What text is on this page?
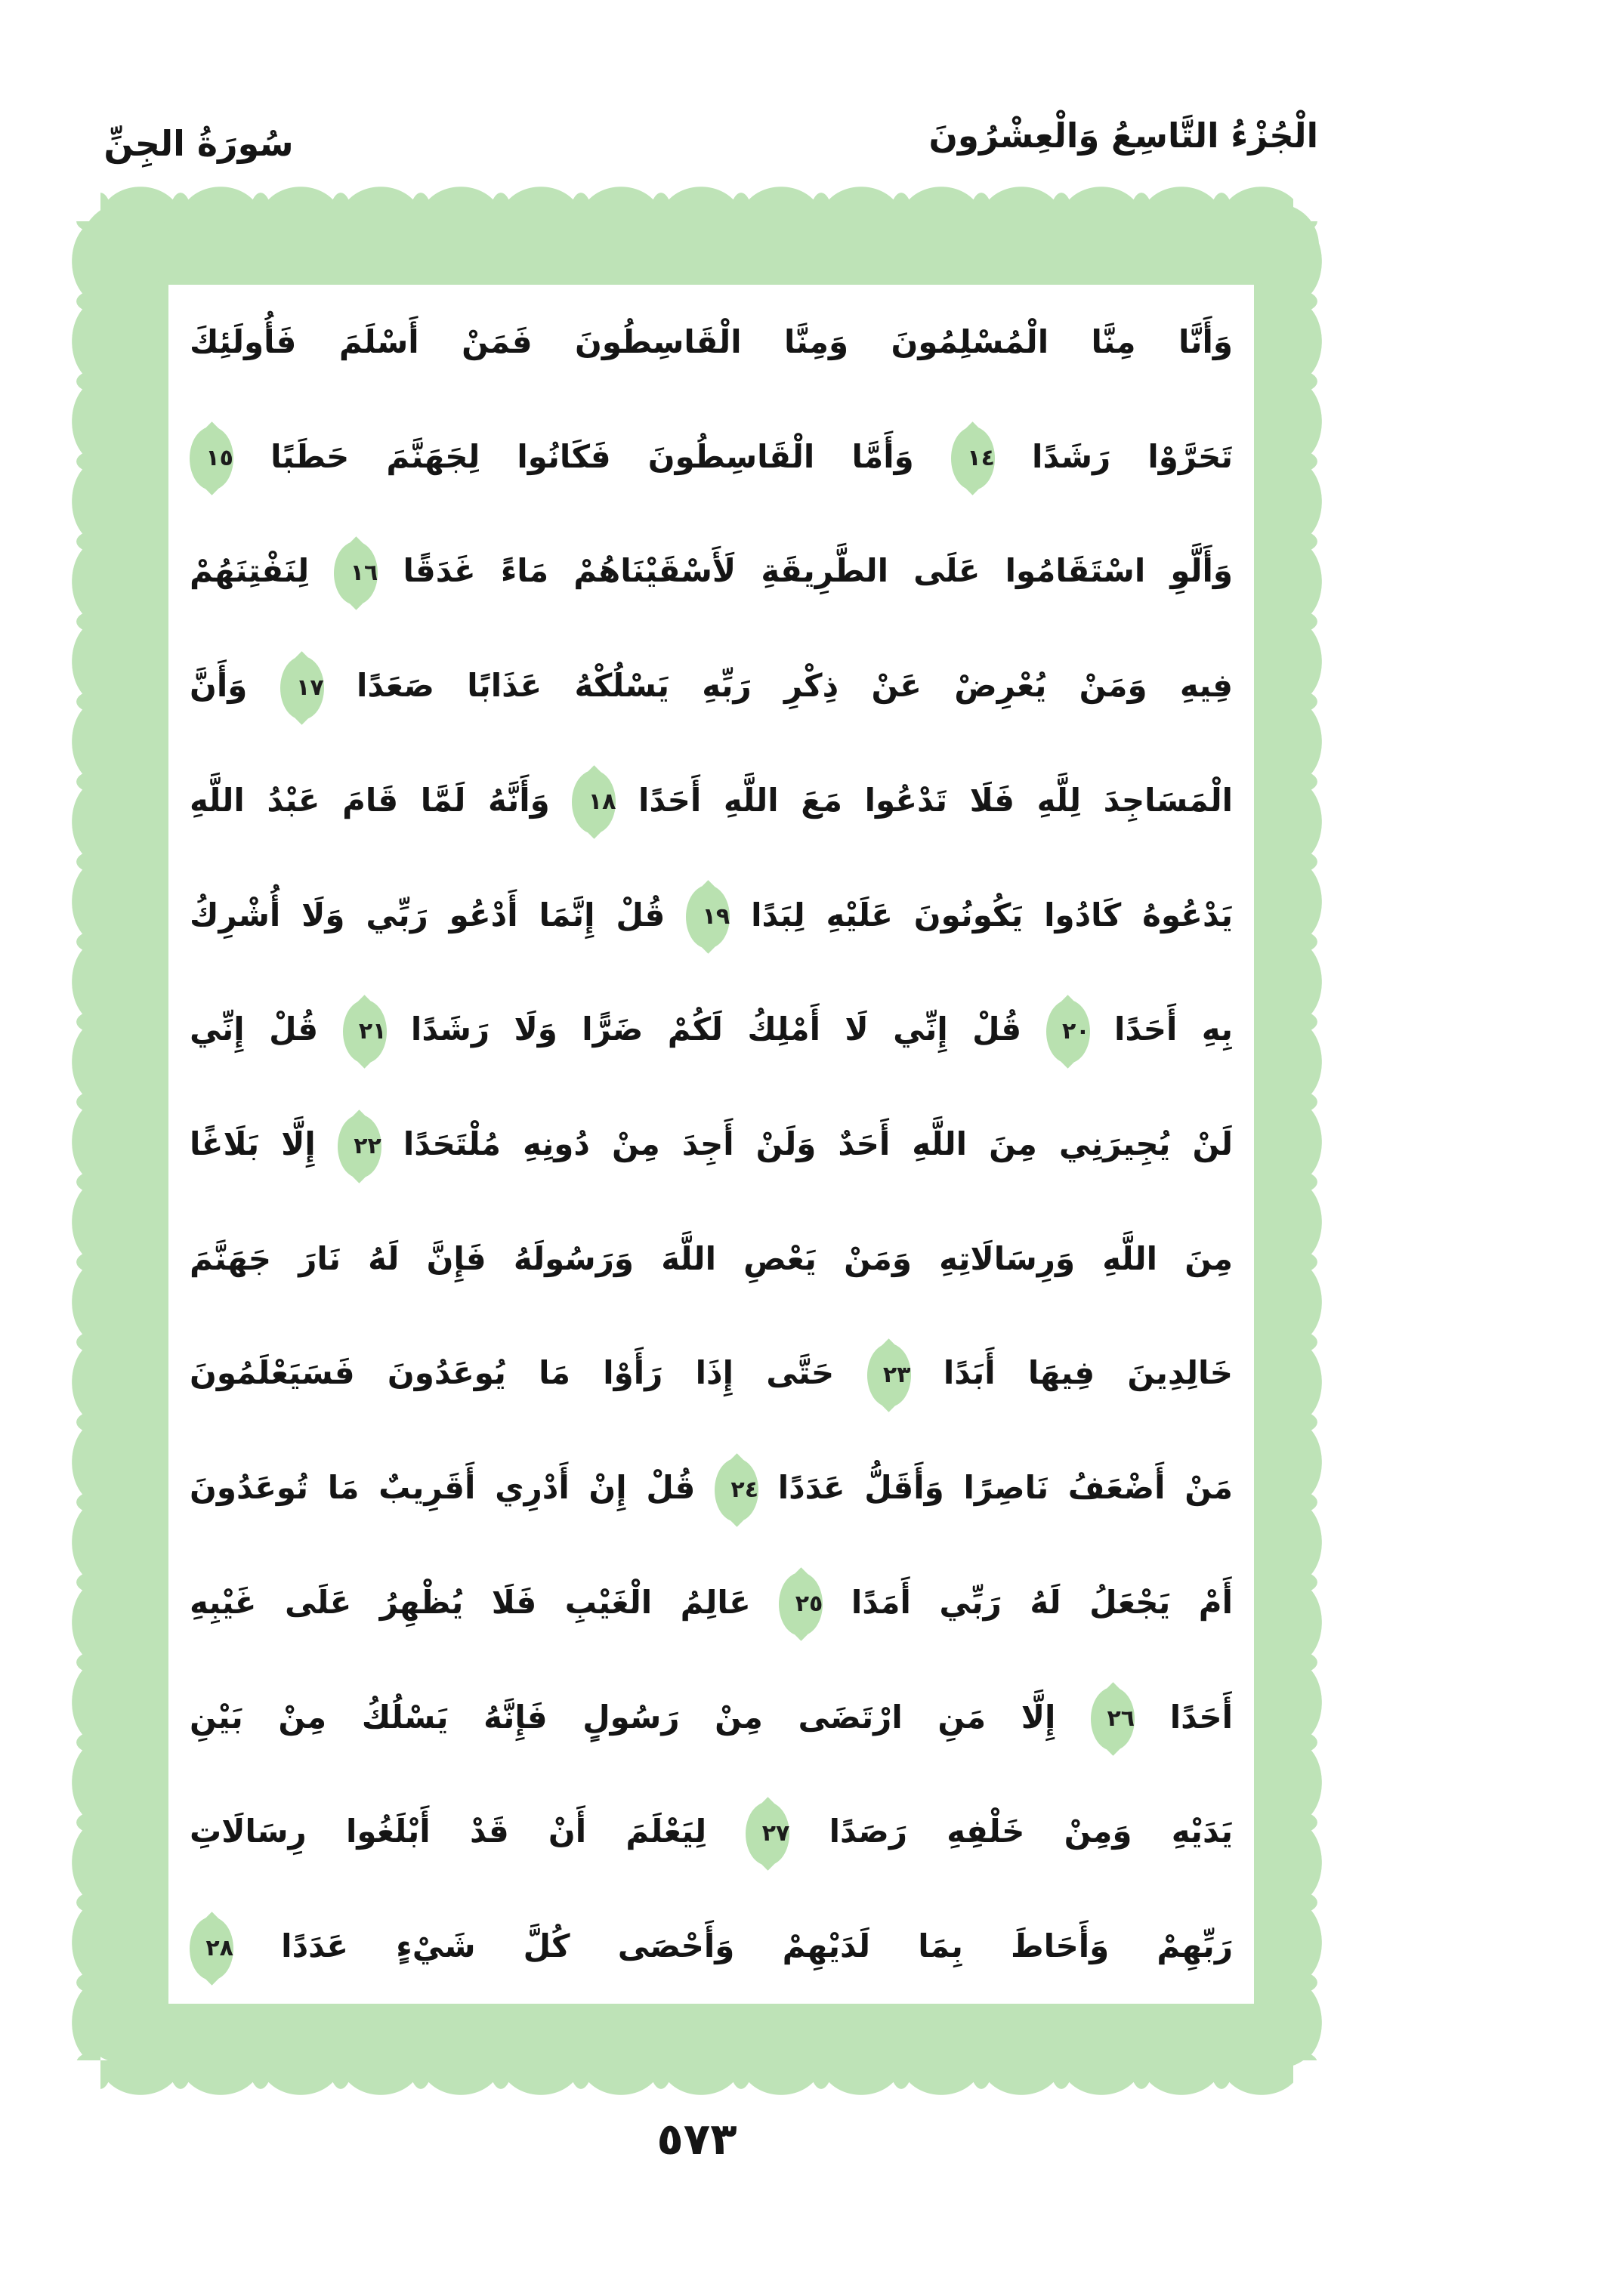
سُورَةُ الجِنِّ	الْجُزْءُ التَّاسِعُ وَالْعِشْرُونَ
وَأَنَّا مِنَّا الْمُسْلِمُونَ وَمِنَّا الْقَاسِطُونَ فَمَنْ أَسْلَمَ فَأُولَئِكَ
تَحَرَّوْا رَشَدًا ١٤ وَأَمَّا الْقَاسِطُونَ فَكَانُوا لِجَهَنَّمَ حَطَبًا ١٥
وَأَلَّوِ اسْتَقَامُوا عَلَى الطَّرِيقَةِ لَأَسْقَيْنَاهُمْ مَاءً غَدَقًا ١٦ لِنَفْتِنَهُمْ
فِيهِ وَمَنْ يُعْرِضْ عَنْ ذِكْرِ رَبِّهِ يَسْلُكْهُ عَذَابًا صَعَدًا ١٧ وَأَنَّ
الْمَسَاجِدَ لِلَّهِ فَلَا تَدْعُوا مَعَ اللَّهِ أَحَدًا ١٨ وَأَنَّهُ لَمَّا قَامَ عَبْدُ اللَّهِ
يَدْعُوهُ كَادُوا يَكُونُونَ عَلَيْهِ لِبَدًا ١٩ قُلْ إِنَّمَا أَدْعُو رَبِّي وَلَا أُشْرِكُ
بِهِ أَحَدًا ٢٠ قُلْ إِنِّي لَا أَمْلِكُ لَكُمْ ضَرًّا وَلَا رَشَدًا ٢١ قُلْ إِنِّي
لَنْ يُجِيرَنِي مِنَ اللَّهِ أَحَدٌ وَلَنْ أَجِدَ مِنْ دُونِهِ مُلْتَحَدًا ٢٢ إِلَّا بَلَاغًا
مِنَ اللَّهِ وَرِسَالَاتِهِ وَمَنْ يَعْصِ اللَّهَ وَرَسُولَهُ فَإِنَّ لَهُ نَارَ جَهَنَّمَ
خَالِدِينَ فِيهَا أَبَدًا ٢٣ حَتَّى إِذَا رَأَوْا مَا يُوعَدُونَ فَسَيَعْلَمُونَ
مَنْ أَضْعَفُ نَاصِرًا وَأَقَلُّ عَدَدًا ٢٤ قُلْ إِنْ أَدْرِي أَقَرِيبٌ مَا تُوعَدُونَ
أَمْ يَجْعَلُ لَهُ رَبِّي أَمَدًا ٢٥ عَالِمُ الْغَيْبِ فَلَا يُظْهِرُ عَلَى غَيْبِهِ
أَحَدًا ٢٦ إِلَّا مَنِ ارْتَضَى مِنْ رَسُولٍ فَإِنَّهُ يَسْلُكُ مِنْ بَيْنِ
يَدَيْهِ وَمِنْ خَلْفِهِ رَصَدًا ٢٧ لِيَعْلَمَ أَنْ قَدْ أَبْلَغُوا رِسَالَاتِ
رَبِّهِمْ وَأَحَاطَ بِمَا لَدَيْهِمْ وَأَحْصَى كُلَّ شَيْءٍ عَدَدًا ٢٨
٥٧٣
